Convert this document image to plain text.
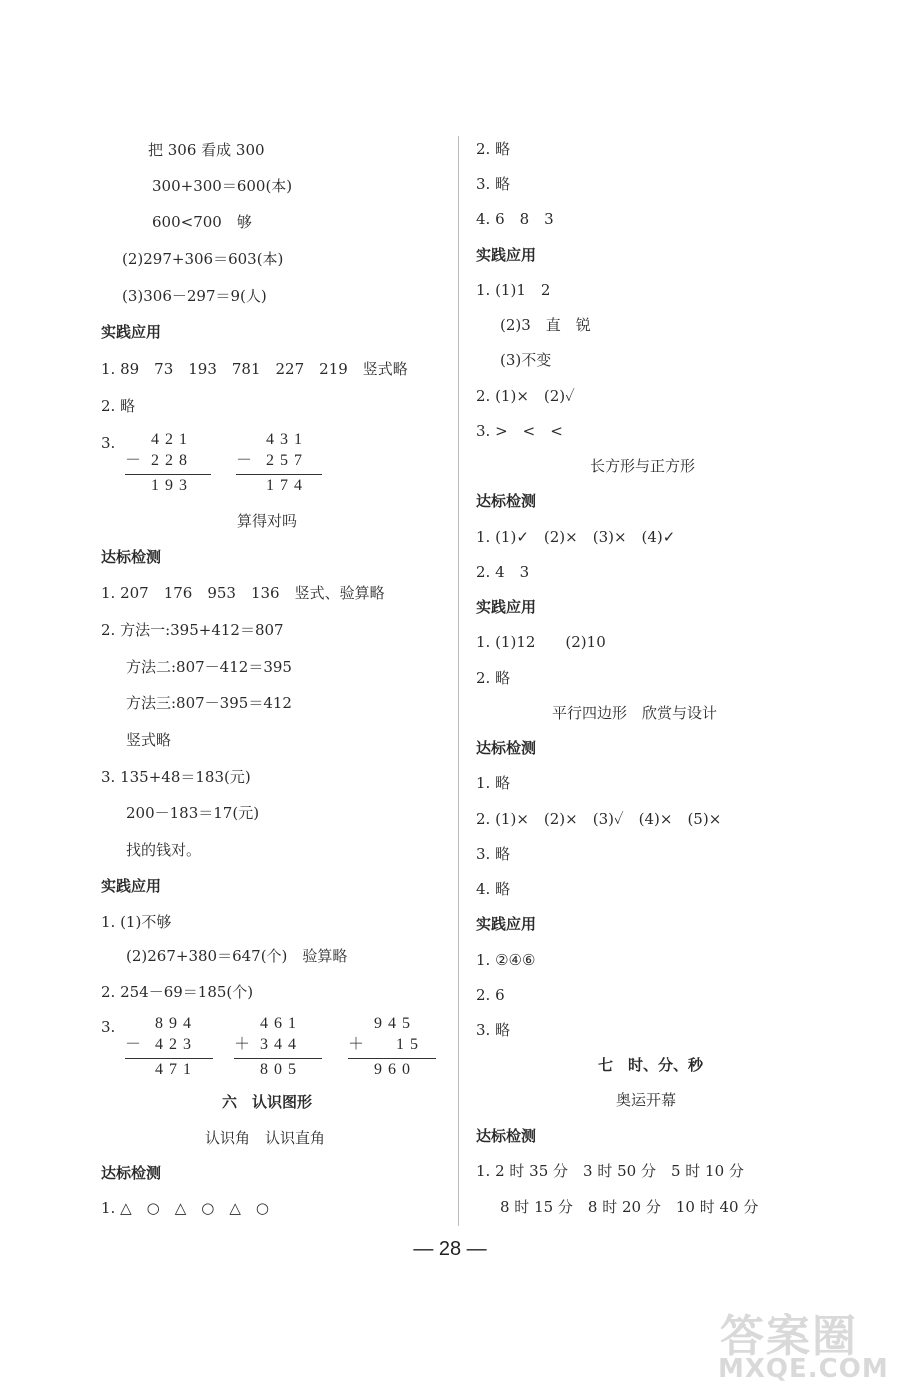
把 306 看成 300
300+300＝600(本)
600<700　够
(2)297+306＝603(本)
(3)306－297＝9(人)
实践应用
1. 89　73　193　781　227　219　竖式略
2. 略
3. 421
－ 228
193
431
－ 257
174
算得对吗
达标检测
1. 207　176　953　136　竖式、验算略
2. 方法一:395+412＝807
方法二:807－412＝395
方法三:807－395＝412
竖式略
3. 135+48＝183(元)
200－183＝17(元)
找的钱对。
实践应用
1. (1)不够
(2)267+380＝647(个)　验算略
2. 254－69＝185(个)
3. 894
－ 423
471
461
＋ 344
805
945
＋ 15
960
六　认识图形
认识角　认识直角
达标检测
1. △　○　△　○　△　○
2. 略
3. 略
4. 6　8　3
实践应用
1. (1)1　2
(2)3　直　锐
(3)不变
2. (1)×　(2)✓
3. >　<　<
长方形与正方形
达标检测
1. (1)✓　(2)×　(3)×　(4)✓
2. 4　3
实践应用
1. (1)12　　(2)10
2. 略
平行四边形　欣赏与设计
达标检测
1. 略
2. (1)×　(2)×　(3)✓　(4)×　(5)×
3. 略
4. 略
实践应用
1. ②④⑥
2. 6
3. 略
七　时、分、秒
奥运开幕
达标检测
1. 2 时 35 分　3 时 50 分　5 时 10 分
8 时 15 分　8 时 20 分　10 时 40 分
— 28 —
答案圈
MXQE.COM
